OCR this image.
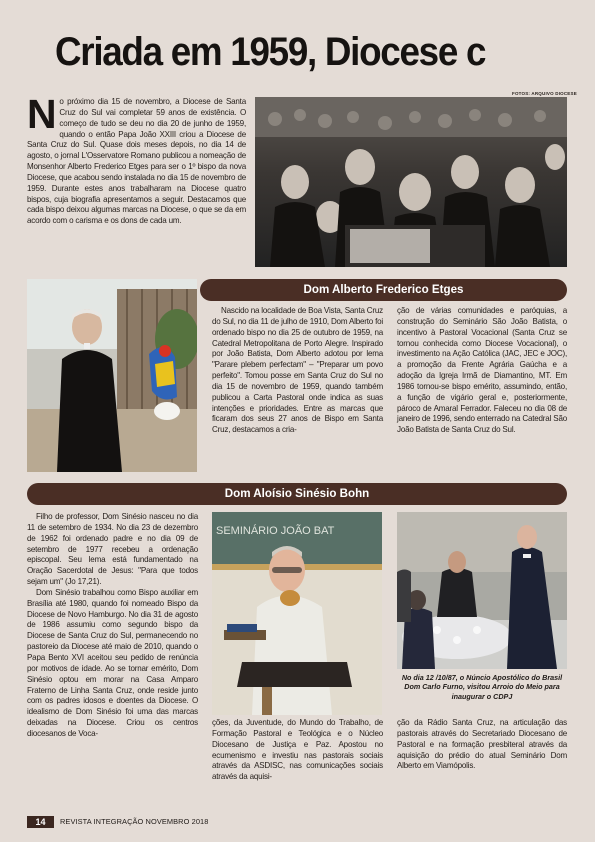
Criada em 1959, Diocese c
FOTOS: ARQUIVO DIOCESE
No próximo dia 15 de novembro, a Diocese de Santa Cruz do Sul vai completar 59 anos de existência. O começo de tudo se deu no dia 20 de junho de 1959, quando o então Papa João XXIII criou a Diocese de Santa Cruz do Sul. Quase dois meses depois, no dia 14 de agosto, o jornal L'Osservatore Romano publicou a nomeação de Monsenhor Alberto Frederico Etges para ser o 1º bispo da nova Diocese, que acabou sendo instalada no dia 15 de novembro de 1959. Durante estes anos trabalharam na Diocese quatro bispos, cuja biografia apresentamos a seguir. Destacamos que cada bispo deixou algumas marcas na Diocese, o que se da em acordo com o carisma e os dons de cada um.
Dom Alberto Frederico Etges

Nascido na localidade de Boa Vista, Santa Cruz do Sul, no dia 11 de julho de 1910, Dom Alberto foi ordenado bispo no dia 25 de outubro de 1959, na Catedral Metropolitana de Porto Alegre. Inspirado por João Batista, Dom Alberto adotou por lema "Parare plebem perfectam" – "Preparar um povo perfeito". Tomou posse em Santa Cruz do Sul no dia 15 de novembro de 1959, quando também publicou a Carta Pastoral onde indica as suas intenções e prioridades. Entre as marcas que ficaram dos seus 27 anos de Bispo em Santa Cruz, destacamos a cria-

ção de várias comunidades e paróquias, a construção do Seminário São João Batista, o incentivo à Pastoral Vocacional (Santa Cruz se tornou conhecida como Diocese Vocacional), o investimento na Ação Católica (JAC, JEC e JOC), a promoção da Frente Agrária Gaúcha e a adoção da Igreja Irmã de Diamantino, MT. Em 1986 tornou-se bispo emérito, assumindo, então, a função de vigário geral e, posteriormente, pároco de Amaral Ferrador. Faleceu no dia 08 de janeiro de 1996, sendo enterrado na Catedral São João Batista de Santa Cruz do Sul.

Dom Aloísio Sinésio Bohn

Filho de professor, Dom Sinésio nasceu no dia 11 de setembro de 1934. No dia 23 de dezembro de 1962 foi ordenado padre e no dia 09 de setembro de 1977 recebeu a ordenação episcopal. Seu lema está fundamentado na Oração Sacerdotal de Jesus: "Para que todos sejam um" (Jo 17,21).

Dom Sinésio trabalhou como Bispo auxiliar em Brasília até 1980, quando foi nomeado Bispo da Diocese de Novo Hamburgo. No dia 31 de agosto de 1986 assumiu como segundo bispo da Diocese de Santa Cruz do Sul, permanecendo no pastoreio da Diocese até maio de 2010, quando o Papa Bento XVI aceitou seu pedido de renúncia por motivos de idade. Ao se tornar emérito, Dom Sinésio optou em morar na Casa Amparo Fraterno de Linha Santa Cruz, onde reside junto com os padres idosos e doentes da Diocese. O idealismo de Dom Sinésio foi uma das marcas deixadas na Diocese. Criou os centros diocesanos de Voca-

SEMINÁRIO JOÃO BAT

ções, da Juventude, do Mundo do Trabalho, de Formação Pastoral e Teológica e o Núcleo Diocesano de Justiça e Paz. Apostou no ecumenismo e investiu nas pastorais sociais através da ASDISC, nas comunicações sociais através da aquisi-

No dia 12 /10/87, o Núncio Apostólico do Brasil Dom Carlo Furno, visitou Arroio do Meio para inaugurar o CDPJ

ção da Rádio Santa Cruz, na articulação das pastorais através do Secretariado Diocesano de Pastoral e na formação presbiteral através da aquisição do prédio do atual Seminário Dom Alberto em Viamópolis.

14	REVISTA INTEGRAÇÃO NOVEMBRO 2018
